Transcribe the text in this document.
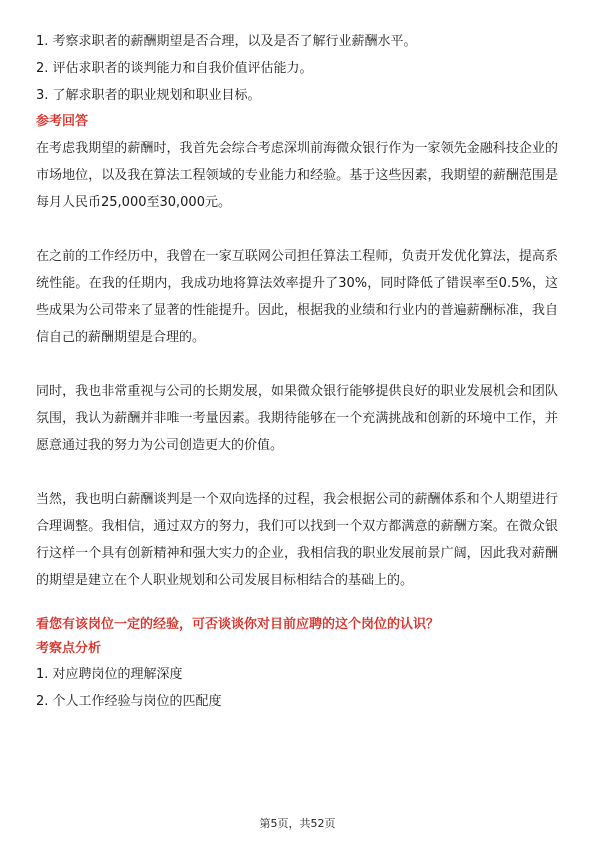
1. 考察求职者的薪酬期望是否合理，以及是否了解行业薪酬水平。

2. 评估求职者的谈判能力和自我价值评估能力。

3. 了解求职者的职业规划和职业目标。

参考回答

在考虑我期望的薪酬时，我首先会综合考虑深圳前海微众银行作为一家领先金融科技企业的市场地位，以及我在算法工程领域的专业能力和经验。基于这些因素，我期望的薪酬范围是每月人民币25,000至30,000元。

在之前的工作经历中，我曾在一家互联网公司担任算法工程师，负责开发优化算法，提高系统性能。在我的任期内，我成功地将算法效率提升了30%，同时降低了错误率至0.5%，这些成果为公司带来了显著的性能提升。因此，根据我的业绩和行业内的普遍薪酬标准，我自信自己的薪酬期望是合理的。

同时，我也非常重视与公司的长期发展，如果微众银行能够提供良好的职业发展机会和团队氛围，我认为薪酬并非唯一考量因素。我期待能够在一个充满挑战和创新的环境中工作，并愿意通过我的努力为公司创造更大的价值。

当然，我也明白薪酬谈判是一个双向选择的过程，我会根据公司的薪酬体系和个人期望进行合理调整。我相信，通过双方的努力，我们可以找到一个双方都满意的薪酬方案。在微众银行这样一个具有创新精神和强大实力的企业，我相信我的职业发展前景广阔，因此我对薪酬的期望是建立在个人职业规划和公司发展目标相结合的基础上的。

看您有该岗位一定的经验，可否谈谈你对目前应聘的这个岗位的认识？

考察点分析

1. 对应聘岗位的理解深度

2. 个人工作经验与岗位的匹配度

第5页，共52页
